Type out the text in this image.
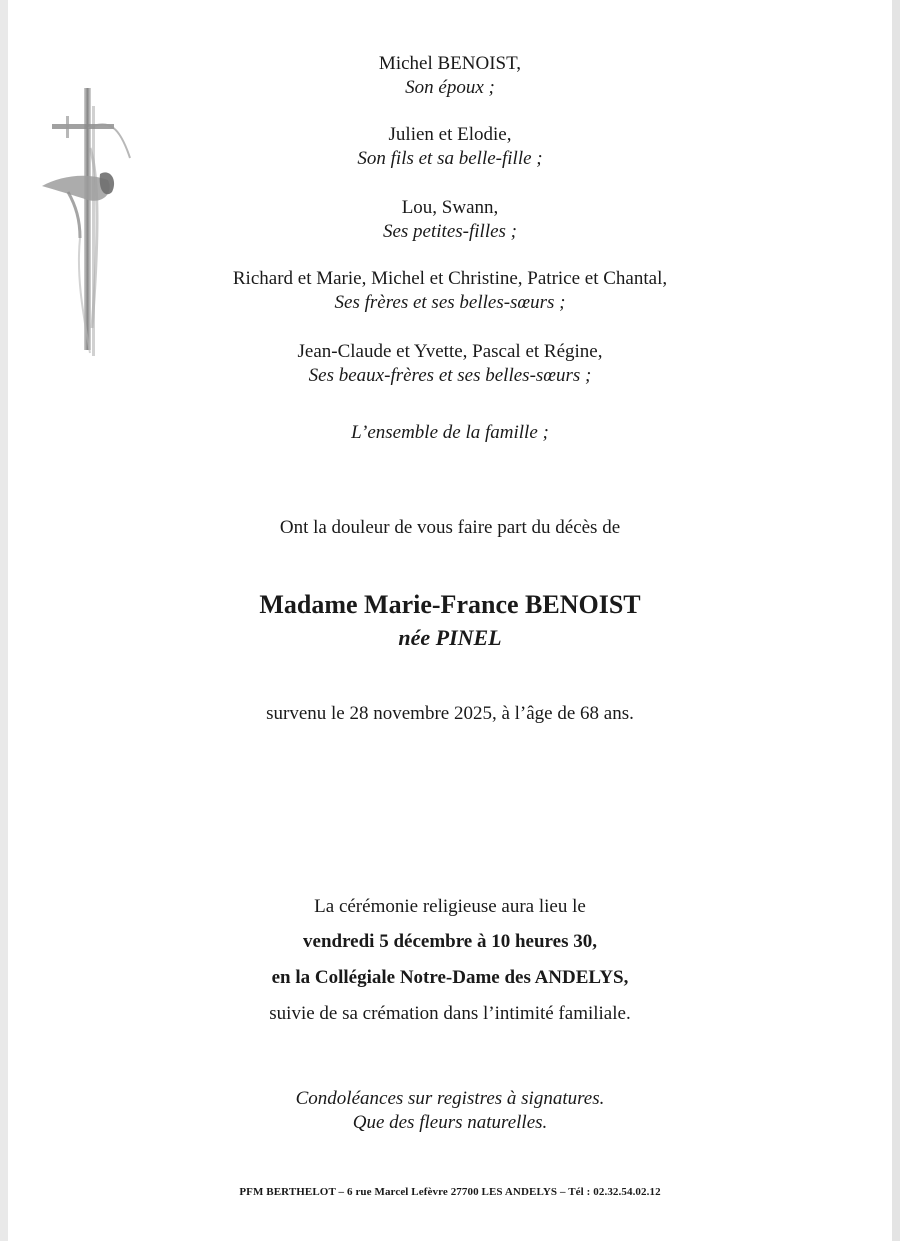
Michel BENOIST,
Son époux ;
Julien et Elodie,
Son fils et sa belle-fille ;
Lou, Swann,
Ses petites-filles ;
Richard et Marie, Michel et Christine, Patrice et Chantal,
Ses frères et ses belles-sœurs ;
Jean-Claude et Yvette, Pascal et Régine,
Ses beaux-frères et ses belles-sœurs ;
L’ensemble de la famille ;
Ont la douleur de vous faire part du décès de
Madame Marie-France BENOIST
née PINEL
survenu le 28 novembre 2025, à l’âge de 68 ans.
La cérémonie religieuse aura lieu le
vendredi 5 décembre à 10 heures 30,
en la Collégiale Notre-Dame des ANDELYS,
suivie de sa crémation dans l’intimité familiale.
Condoléances sur registres à signatures.
Que des fleurs naturelles.
PFM BERTHELOT – 6 rue Marcel Lefèvre 27700 LES ANDELYS – Tél : 02.32.54.02.12
